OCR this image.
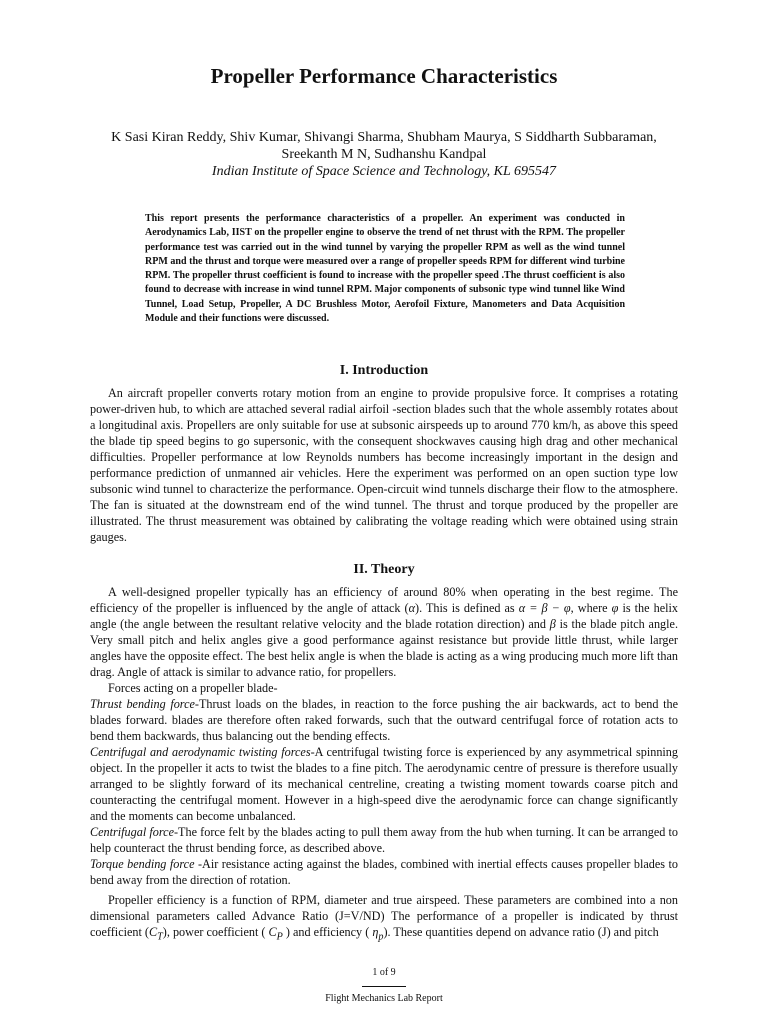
Propeller Performance Characteristics
K Sasi Kiran Reddy, Shiv Kumar, Shivangi Sharma, Shubham Maurya, S Siddharth Subbaraman,
Sreekanth M N, Sudhanshu Kandpal
Indian Institute of Space Science and Technology, KL 695547
This report presents the performance characteristics of a propeller. An experiment was conducted in Aerodynamics Lab, IIST on the propeller engine to observe the trend of net thrust with the RPM. The propeller performance test was carried out in the wind tunnel by varying the propeller RPM as well as the wind tunnel RPM and the thrust and torque were measured over a range of propeller speeds RPM for different wind turbine RPM. The propeller thrust coefficient is found to increase with the propeller speed .The thrust coefficient is also found to decrease with increase in wind tunnel RPM. Major components of subsonic type wind tunnel like Wind Tunnel, Load Setup, Propeller, A DC Brushless Motor, Aerofoil Fixture, Manometers and Data Acquisition Module and their functions were discussed.
I. Introduction

An aircraft propeller converts rotary motion from an engine to provide propulsive force. It comprises a rotating power-driven hub, to which are attached several radial airfoil -section blades such that the whole assembly rotates about a longitudinal axis. Propellers are only suitable for use at subsonic airspeeds up to around 770 km/h, as above this speed the blade tip speed begins to go supersonic, with the consequent shockwaves causing high drag and other mechanical difficulties. Propeller performance at low Reynolds numbers has become increasingly important in the design and performance prediction of unmanned air vehicles. Here the experiment was performed on an open suction type low subsonic wind tunnel to characterize the performance. Open-circuit wind tunnels discharge their flow to the atmosphere. The fan is situated at the downstream end of the wind tunnel. The thrust and torque produced by the propeller are illustrated. The thrust measurement was obtained by calibrating the voltage reading which were obtained using strain gauges.

II. Theory

A well-designed propeller typically has an efficiency of around 80% when operating in the best regime. The efficiency of the propeller is influenced by the angle of attack (α). This is defined as α = β − φ, where φ is the helix angle (the angle between the resultant relative velocity and the blade rotation direction) and β is the blade pitch angle. Very small pitch and helix angles give a good performance against resistance but provide little thrust, while larger angles have the opposite effect. The best helix angle is when the blade is acting as a wing producing much more lift than drag. Angle of attack is similar to advance ratio, for propellers.

Forces acting on a propeller blade-

Thrust bending force-Thrust loads on the blades, in reaction to the force pushing the air backwards, act to bend the blades forward. blades are therefore often raked forwards, such that the outward centrifugal force of rotation acts to bend them backwards, thus balancing out the bending effects.

Centrifugal and aerodynamic twisting forces-A centrifugal twisting force is experienced by any asymmetrical spinning object. In the propeller it acts to twist the blades to a fine pitch. The aerodynamic centre of pressure is therefore usually arranged to be slightly forward of its mechanical centreline, creating a twisting moment towards coarse pitch and counteracting the centrifugal moment. However in a high-speed dive the aerodynamic force can change significantly and the moments can become unbalanced.

Centrifugal force-The force felt by the blades acting to pull them away from the hub when turning. It can be arranged to help counteract the thrust bending force, as described above.

Torque bending force -Air resistance acting against the blades, combined with inertial effects causes propeller blades to bend away from the direction of rotation.

Propeller efficiency is a function of RPM, diameter and true airspeed. These parameters are combined into a non dimensional parameters called Advance Ratio (J=V/ND) The performance of a propeller is indicated by thrust coefficient $(C_T)$, power coefficient ( $C_P$ ) and efficiency ( $\eta_p$). These quantities depend on advance ratio (J) and pitch

1 of 9
Flight Mechanics Lab Report
